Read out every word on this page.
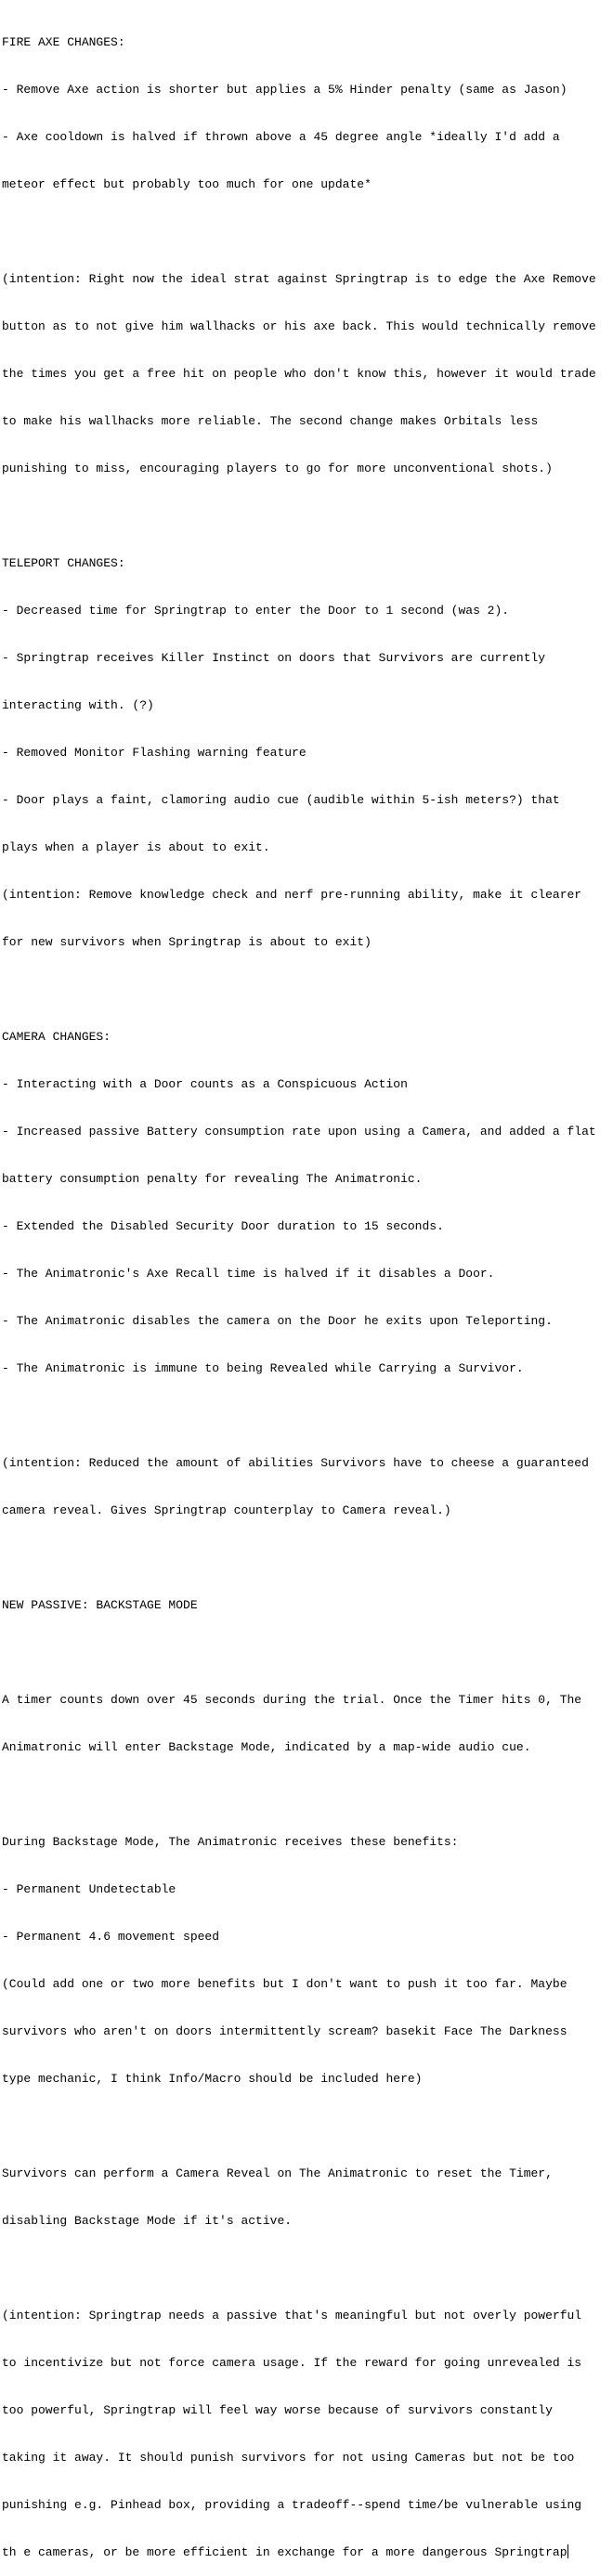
FIRE AXE CHANGES:

- Remove Axe action is shorter but applies a 5% Hinder penalty (same as Jason)

- Axe cooldown is halved if thrown above a 45 degree angle *ideally I'd add a

meteor effect but probably too much for one update*

(intention: Right now the ideal strat against Springtrap is to edge the Axe Remove

button as to not give him wallhacks or his axe back. This would technically remove

the times you get a free hit on people who don't know this, however it would trade

to make his wallhacks more reliable. The second change makes Orbitals less

punishing to miss, encouraging players to go for more unconventional shots.)

TELEPORT CHANGES:

- Decreased time for Springtrap to enter the Door to 1 second (was 2).

- Springtrap receives Killer Instinct on doors that Survivors are currently

interacting with. (?)

- Removed Monitor Flashing warning feature

- Door plays a faint, clamoring audio cue (audible within 5-ish meters?) that

plays when a player is about to exit.

(intention: Remove knowledge check and nerf pre-running ability, make it clearer

for new survivors when Springtrap is about to exit)

CAMERA CHANGES:

- Interacting with a Door counts as a Conspicuous Action

- Increased passive Battery consumption rate upon using a Camera, and added a flat

battery consumption penalty for revealing The Animatronic.

- Extended the Disabled Security Door duration to 15 seconds.

- The Animatronic's Axe Recall time is halved if it disables a Door.

- The Animatronic disables the camera on the Door he exits upon Teleporting.

- The Animatronic is immune to being Revealed while Carrying a Survivor.

(intention: Reduced the amount of abilities Survivors have to cheese a guaranteed

camera reveal. Gives Springtrap counterplay to Camera reveal.)

NEW PASSIVE: BACKSTAGE MODE

A timer counts down over 45 seconds during the trial. Once the Timer hits 0, The

Animatronic will enter Backstage Mode, indicated by a map-wide audio cue.

During Backstage Mode, The Animatronic receives these benefits:

- Permanent Undetectable

- Permanent 4.6 movement speed

(Could add one or two more benefits but I don't want to push it too far. Maybe

survivors who aren't on doors intermittently scream? basekit Face The Darkness

type mechanic, I think Info/Macro should be included here)

Survivors can perform a Camera Reveal on The Animatronic to reset the Timer,

disabling Backstage Mode if it's active.

(intention: Springtrap needs a passive that's meaningful but not overly powerful

to incentivize but not force camera usage. If the reward for going unrevealed is

too powerful, Springtrap will feel way worse because of survivors constantly

taking it away. It should punish survivors for not using Cameras but not be too

punishing e.g. Pinhead box, providing a tradeoff--spend time/be vulnerable using

th e cameras, or be more efficient in exchange for a more dangerous Springtrap
